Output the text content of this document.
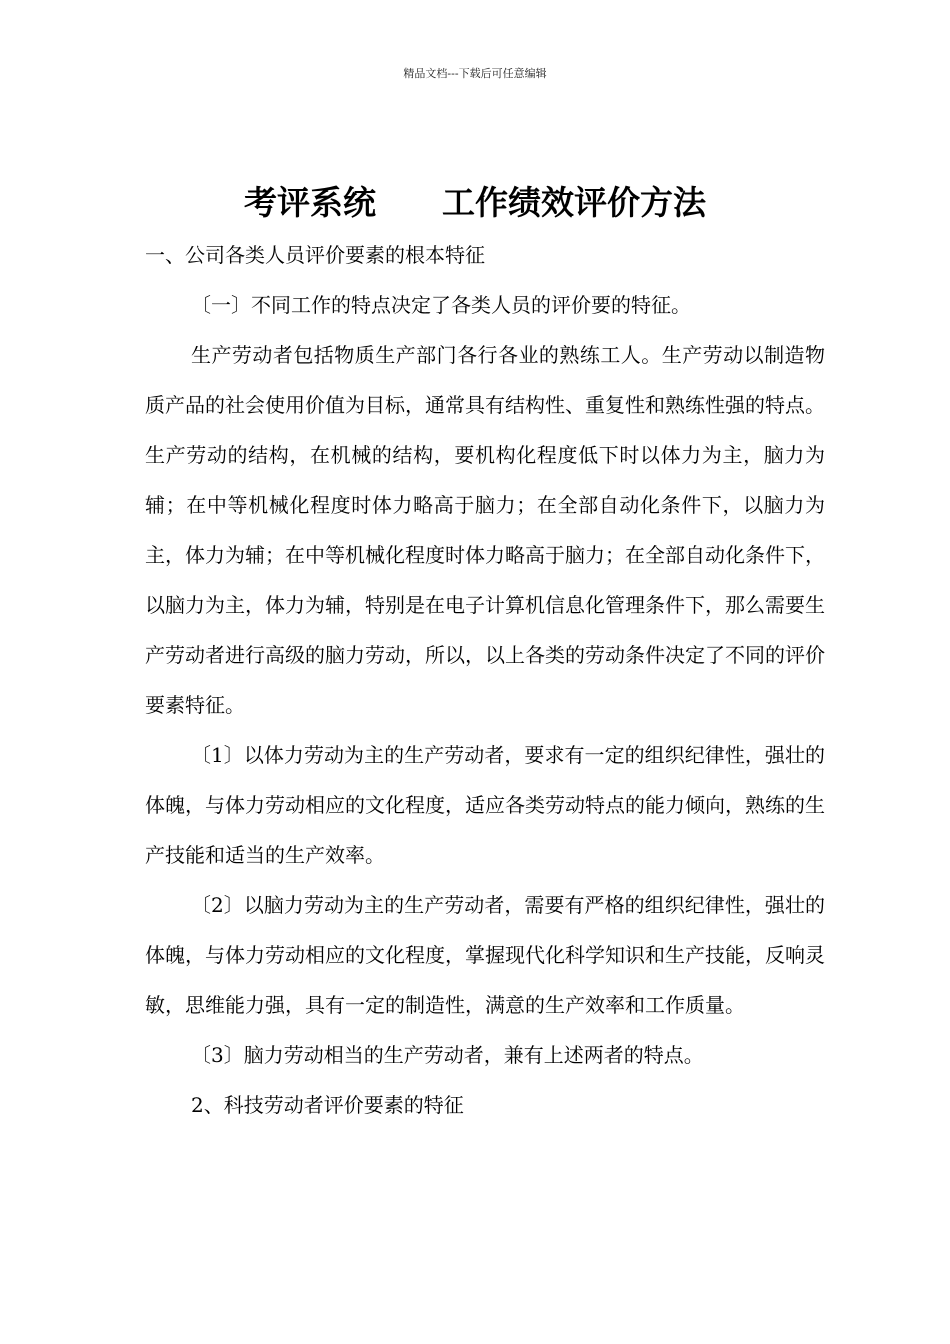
精品文档---下载后可任意编辑
考评系统　　工作绩效评价方法

一、公司各类人员评价要素的根本特征

〔一〕不同工作的特点决定了各类人员的评价要的特征。

生产劳动者包括物质生产部门各行各业的熟练工人。生产劳动以制造物质产品的社会使用价值为目标，通常具有结构性、重复性和熟练性强的特点。生产劳动的结构，在机械的结构，要机构化程度低下时以体力为主，脑力为辅；在中等机械化程度时体力略高于脑力；在全部自动化条件下，以脑力为主，体力为辅；在中等机械化程度时体力略高于脑力；在全部自动化条件下，以脑力为主，体力为辅，特别是在电子计算机信息化管理条件下，那么需要生产劳动者进行高级的脑力劳动，所以，以上各类的劳动条件决定了不同的评价要素特征。

〔1〕以体力劳动为主的生产劳动者，要求有一定的组织纪律性，强壮的体魄，与体力劳动相应的文化程度，适应各类劳动特点的能力倾向，熟练的生产技能和适当的生产效率。

〔2〕以脑力劳动为主的生产劳动者，需要有严格的组织纪律性，强壮的体魄，与体力劳动相应的文化程度，掌握现代化科学知识和生产技能，反响灵敏，思维能力强，具有一定的制造性，满意的生产效率和工作质量。

〔3〕脑力劳动相当的生产劳动者，兼有上述两者的特点。

2、科技劳动者评价要素的特征
